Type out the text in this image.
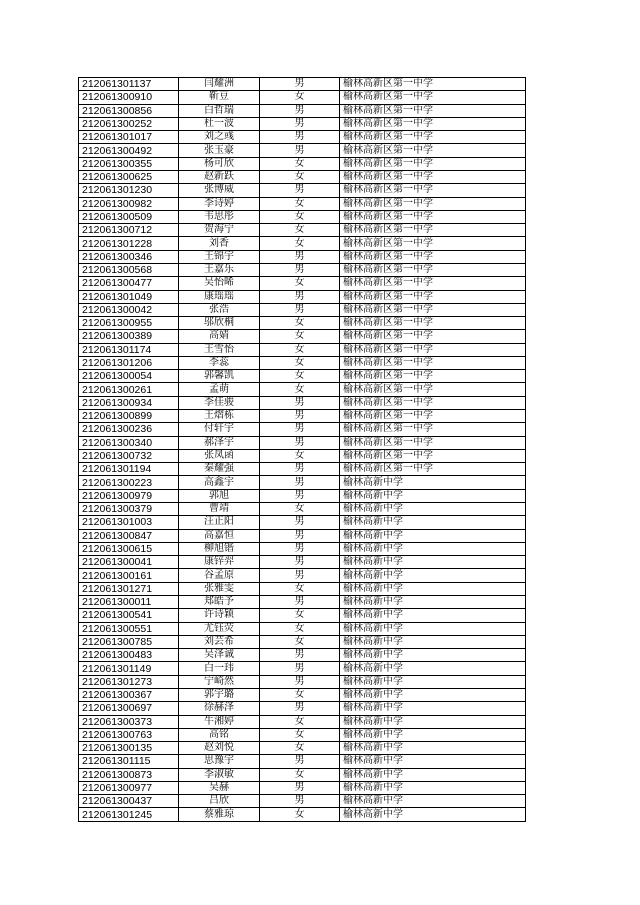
212061301137	闫耀洲	男	榆林高新区第一中学
212061300910	靳豆	女	榆林高新区第一中学
212061300856	白哲瑞	男	榆林高新区第一中学
212061300252	杜一波	男	榆林高新区第一中学
212061301017	刘之彧	男	榆林高新区第一中学
212061300492	张玉豪	男	榆林高新区第一中学
212061300355	杨可欣	女	榆林高新区第一中学
212061300625	赵新跃	女	榆林高新区第一中学
212061301230	张博威	男	榆林高新区第一中学
212061300982	李诗婷	女	榆林高新区第一中学
212061300509	韦思彤	女	榆林高新区第一中学
212061300712	贺海宁	女	榆林高新区第一中学
212061301228	刘香	女	榆林高新区第一中学
212061300346	王锦宇	男	榆林高新区第一中学
212061300568	王嘉乐	男	榆林高新区第一中学
212061300477	吴怡晞	女	榆林高新区第一中学
212061301049	康瑶瑶	男	榆林高新区第一中学
212061300042	张浩	男	榆林高新区第一中学
212061300955	邬欣桐	女	榆林高新区第一中学
212061300389	高婧	女	榆林高新区第一中学
212061301174	王雪怡	女	榆林高新区第一中学
212061301206	李蕊	女	榆林高新区第一中学
212061300054	郭馨凯	女	榆林高新区第一中学
212061300261	孟萌	女	榆林高新区第一中学
212061300934	李佳骏	男	榆林高新区第一中学
212061300899	王熠栋	男	榆林高新区第一中学
212061300236	付轩宇	男	榆林高新区第一中学
212061300340	郝泽宇	男	榆林高新区第一中学
212061300732	张凤函	女	榆林高新区第一中学
212061301194	秦耀强	男	榆林高新区第一中学
212061300223	高鑫宇	男	榆林高新中学
212061300979	郭旭	男	榆林高新中学
212061300379	曹靖	女	榆林高新中学
212061301003	汪正阳	男	榆林高新中学
212061300847	高嘉恒	男	榆林高新中学
212061300615	柳旭锴	男	榆林高新中学
212061300041	康锌羿	男	榆林高新中学
212061300161	谷孟原	男	榆林高新中学
212061301271	张雅雯	女	榆林高新中学
212061300011	郑皓予	男	榆林高新中学
212061300541	许诗颖	女	榆林高新中学
212061300551	尤钰荧	女	榆林高新中学
212061300785	刘芸希	女	榆林高新中学
212061300483	吴泽诚	男	榆林高新中学
212061301149	白一玮	男	榆林高新中学
212061301273	宁崎然	男	榆林高新中学
212061300367	郭宇璐	女	榆林高新中学
212061300697	徐赫泽	男	榆林高新中学
212061300373	牛湘婷	女	榆林高新中学
212061300763	高铭	女	榆林高新中学
212061300135	赵刘悦	女	榆林高新中学
212061301115	思豫宇	男	榆林高新中学
212061300873	李淑敏	女	榆林高新中学
212061300977	吴赫	男	榆林高新中学
212061300437	吕欣	男	榆林高新中学
212061301245	蔡雅琼	女	榆林高新中学
